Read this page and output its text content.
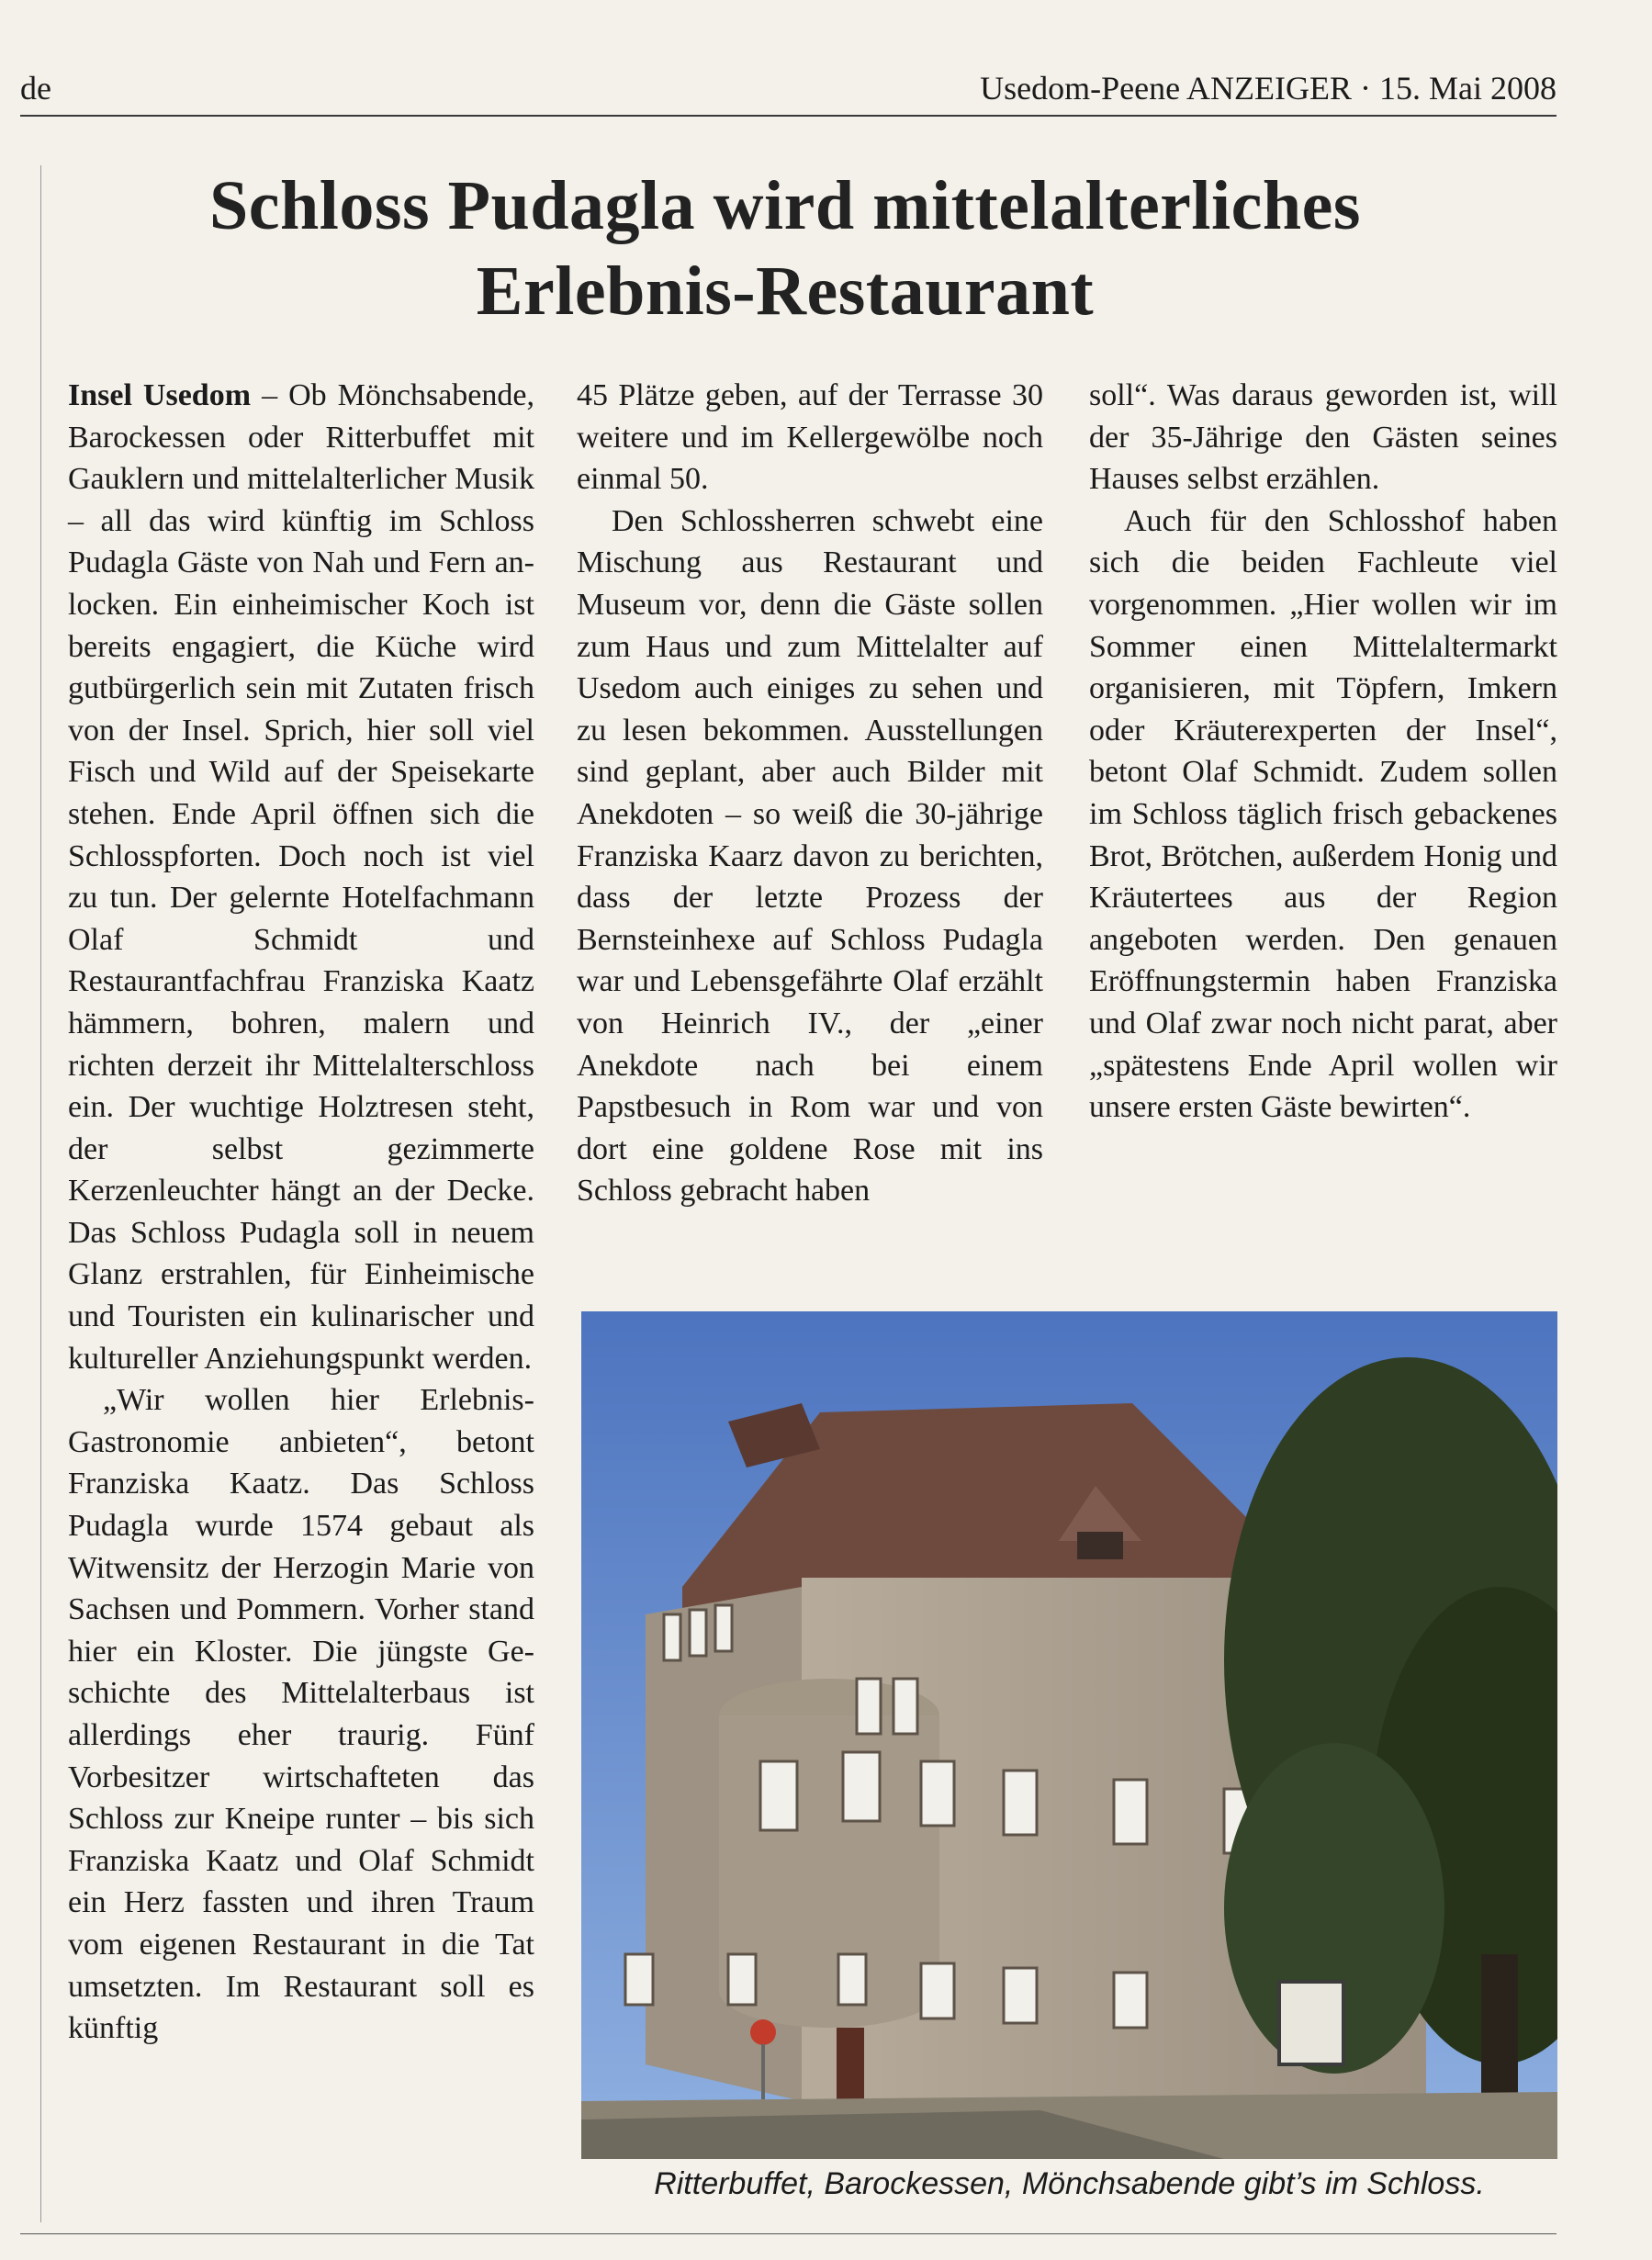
de	Usedom-Peene ANZEIGER · 15. Mai 2008
Schloss Pudagla wird mittelalterliches
Erlebnis-Restaurant

Insel Usedom – Ob Mönchsabende, Barockessen oder Ritterbuffet mit Gauklern und mittelalterlicher Musik – all das wird künftig im Schloss Pudagla Gäste von Nah und Fern anlocken. Ein einheimischer Koch ist bereits engagiert, die Küche wird gutbürgerlich sein mit Zutaten frisch von der Insel. Sprich, hier soll viel Fisch und Wild auf der Speisekarte stehen. Ende April öffnen sich die Schlosspforten. Doch noch ist viel zu tun. Der gelernte Hotelfachmann Olaf Schmidt und Restaurantfachfrau Franziska Kaatz hämmern, bohren, malern und richten derzeit ihr Mittelalterschloss ein. Der wuchtige Holztresen steht, der selbst gezimmerte Kerzenleuchter hängt an der Decke. Das Schloss Pudagla soll in neuem Glanz erstrahlen, für Einheimische und Touristen ein kulinarischer und kultureller Anziehungspunkt werden.

„Wir wollen hier Erlebnis-Gastronomie anbieten“, betont Franziska Kaatz. Das Schloss Pudagla wurde 1574 gebaut als Witwensitz der Herzogin Marie von Sachsen und Pommern. Vorher stand hier ein Kloster. Die jüngste Geschichte des Mittelalterbaus ist allerdings eher traurig. Fünf Vorbesitzer wirtschafteten das Schloss zur Kneipe runter – bis sich Franziska Kaatz und Olaf Schmidt ein Herz fassten und ihren Traum vom eigenen Restaurant in die Tat umsetzten. Im Restaurant soll es künftig

45 Plätze geben, auf der Terrasse 30 weitere und im Kellergewölbe noch einmal 50.

Den Schlossherren schwebt eine Mischung aus Restaurant und Museum vor, denn die Gäste sollen zum Haus und zum Mittelalter auf Usedom auch einiges zu sehen und zu lesen bekommen. Ausstellungen sind geplant, aber auch Bilder mit Anekdoten – so weiß die 30-jährige Franziska Kaarz davon zu berichten, dass der letzte Prozess der Bernsteinhexe auf Schloss Pudagla war und Lebensgefährte Olaf erzählt von Heinrich IV., der „einer Anekdote nach bei einem Papstbesuch in Rom war und von dort eine goldene Rose mit ins Schloss gebracht haben

soll“. Was daraus geworden ist, will der 35-Jährige den Gästen seines Hauses selbst erzählen.

Auch für den Schlosshof haben sich die beiden Fachleute viel vorgenommen. „Hier wollen wir im Sommer einen Mittelaltermarkt organisieren, mit Töpfern, Imkern oder Kräuterexperten der Insel“, betont Olaf Schmidt. Zudem sollen im Schloss täglich frisch gebackenes Brot, Brötchen, außerdem Honig und Kräutertees aus der Region angeboten werden. Den genauen Eröffnungstermin haben Franziska und Olaf zwar noch nicht parat, aber „spätestens Ende April wollen wir unsere ersten Gäste bewirten“.

Ritterbuffet, Barockessen, Mönchsabende gibt’s im Schloss.
